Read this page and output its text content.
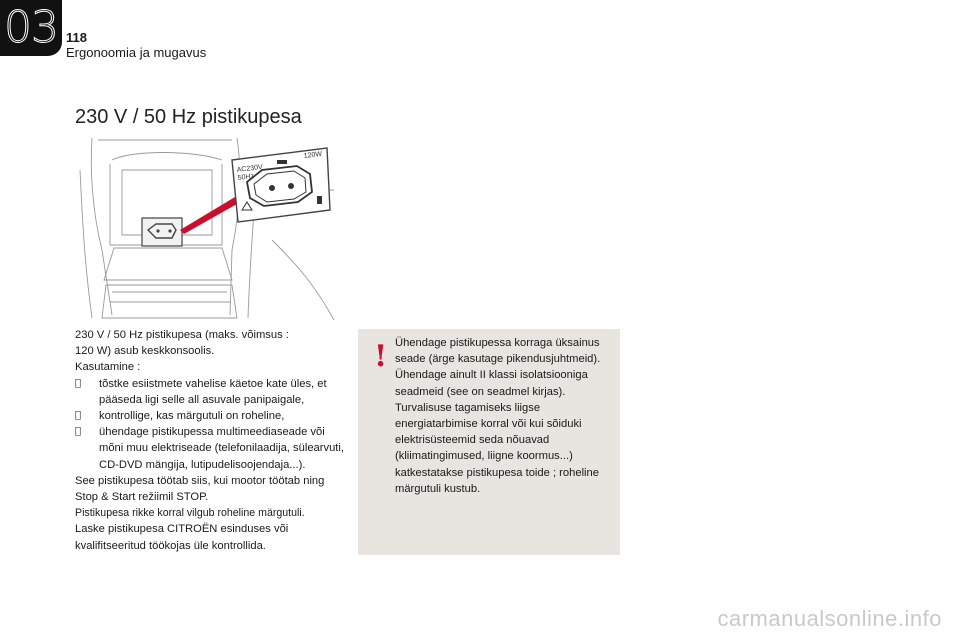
03 118
Ergonoomia ja mugavus
230 V / 50 Hz pistikupesa
AC230V
50Hz
120W

230 V / 50 Hz pistikupesa (maks. võimsus :

120 W) asub keskkonsoolis.

Kasutamine :

tõstke esiistmete vahelise käetoe kate üles, et pääseda ligi selle all asuvale panipaigale,
kontrollige, kas märgutuli on roheline,
ühendage pistikupessa multimeediaseade või mõni muu elektriseade (telefonilaadija, sülearvuti, CD-DVD mängija, lutipudelisoojendaja...).

See pistikupesa töötab siis, kui mootor töötab ning Stop & Start režiimil STOP.

Pistikupesa rikke korral vilgub roheline märgutuli.

Laske pistikupesa CITROËN esinduses või kvalifitseeritud töökojas üle kontrollida.

! Ühendage pistikupessa korraga üksainus seade (ärge kasutage pikendusjuhtmeid).

Ühendage ainult II klassi isolatsiooniga seadmeid (see on seadmel kirjas).

Turvalisuse tagamiseks liigse energiatarbimise korral või kui sõiduki elektrisüsteemid seda nõuavad (kliimatingimused, liigne koormus...) katkestatakse pistikupesa toide ; roheline märgutuli kustub.

carmanualsonline.info
